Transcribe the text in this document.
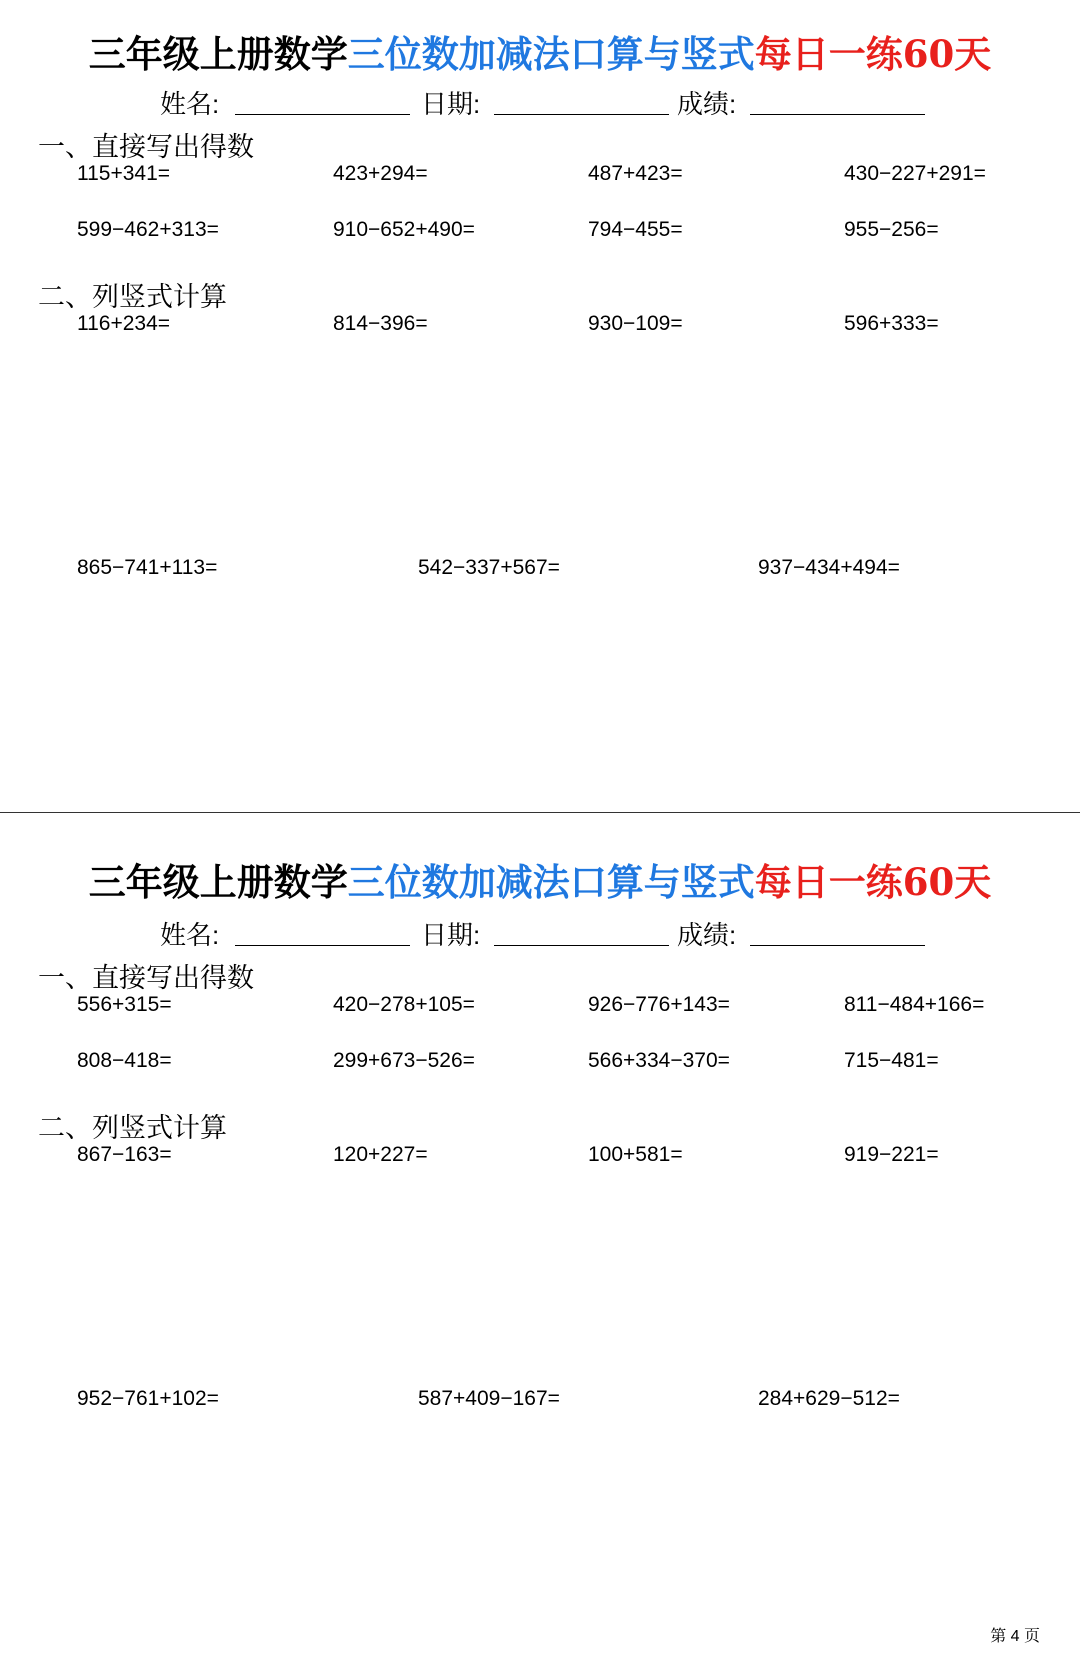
三年级上册数学三位数加减法口算与竖式每日一练60天
姓名:	日期:	成绩:
一、直接写出得数
115+341=	423+294=	487+423=	430−227+291=
599−462+313=	910−652+490=	794−455=	955−256=
二、列竖式计算
116+234=	814−396=	930−109=	596+333=
865−741+113=	542−337+567=	937−434+494=
三年级上册数学三位数加减法口算与竖式每日一练60天
姓名:	日期:	成绩:
一、直接写出得数
556+315=	420−278+105=	926−776+143=	811−484+166=
808−418=	299+673−526=	566+334−370=	715−481=
二、列竖式计算
867−163=	120+227=	100+581=	919−221=
952−761+102=	587+409−167=	284+629−512=
第 4 页
